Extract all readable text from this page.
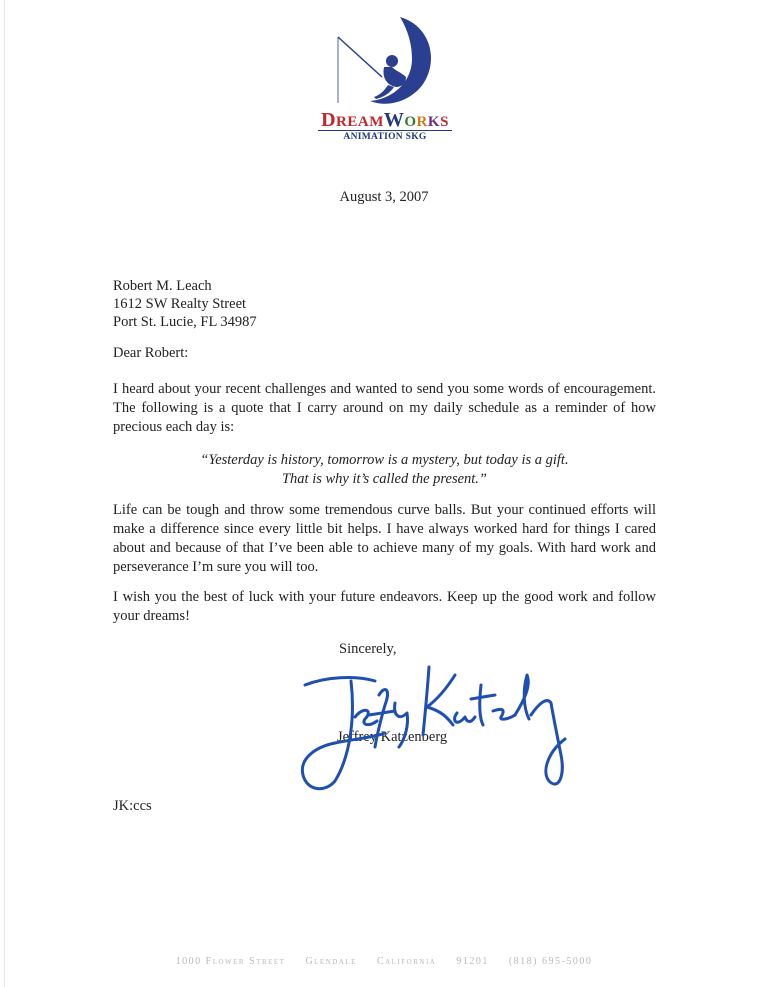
DREAMWORKS
ANIMATION SKG
August 3, 2007
Robert M. Leach
1612 SW Realty Street
Port St. Lucie, FL 34987
Dear Robert:
I heard about your recent challenges and wanted to send you some words of encouragement. The following is a quote that I carry around on my daily schedule as a reminder of how precious each day is:
“Yesterday is history, tomorrow is a mystery, but today is a gift.
That is why it’s called the present.”
Life can be tough and throw some tremendous curve balls. But your continued efforts will make a difference since every little bit helps. I have always worked hard for things I cared about and because of that I’ve been able to achieve many of my goals. With hard work and perseverance I’m sure you will too.
I wish you the best of luck with your future endeavors. Keep up the good work and follow your dreams!
Sincerely,
Jeffrey Katzenberg
JK:ccs
1000 Flower Street Glendale California 91201 (818) 695-5000
